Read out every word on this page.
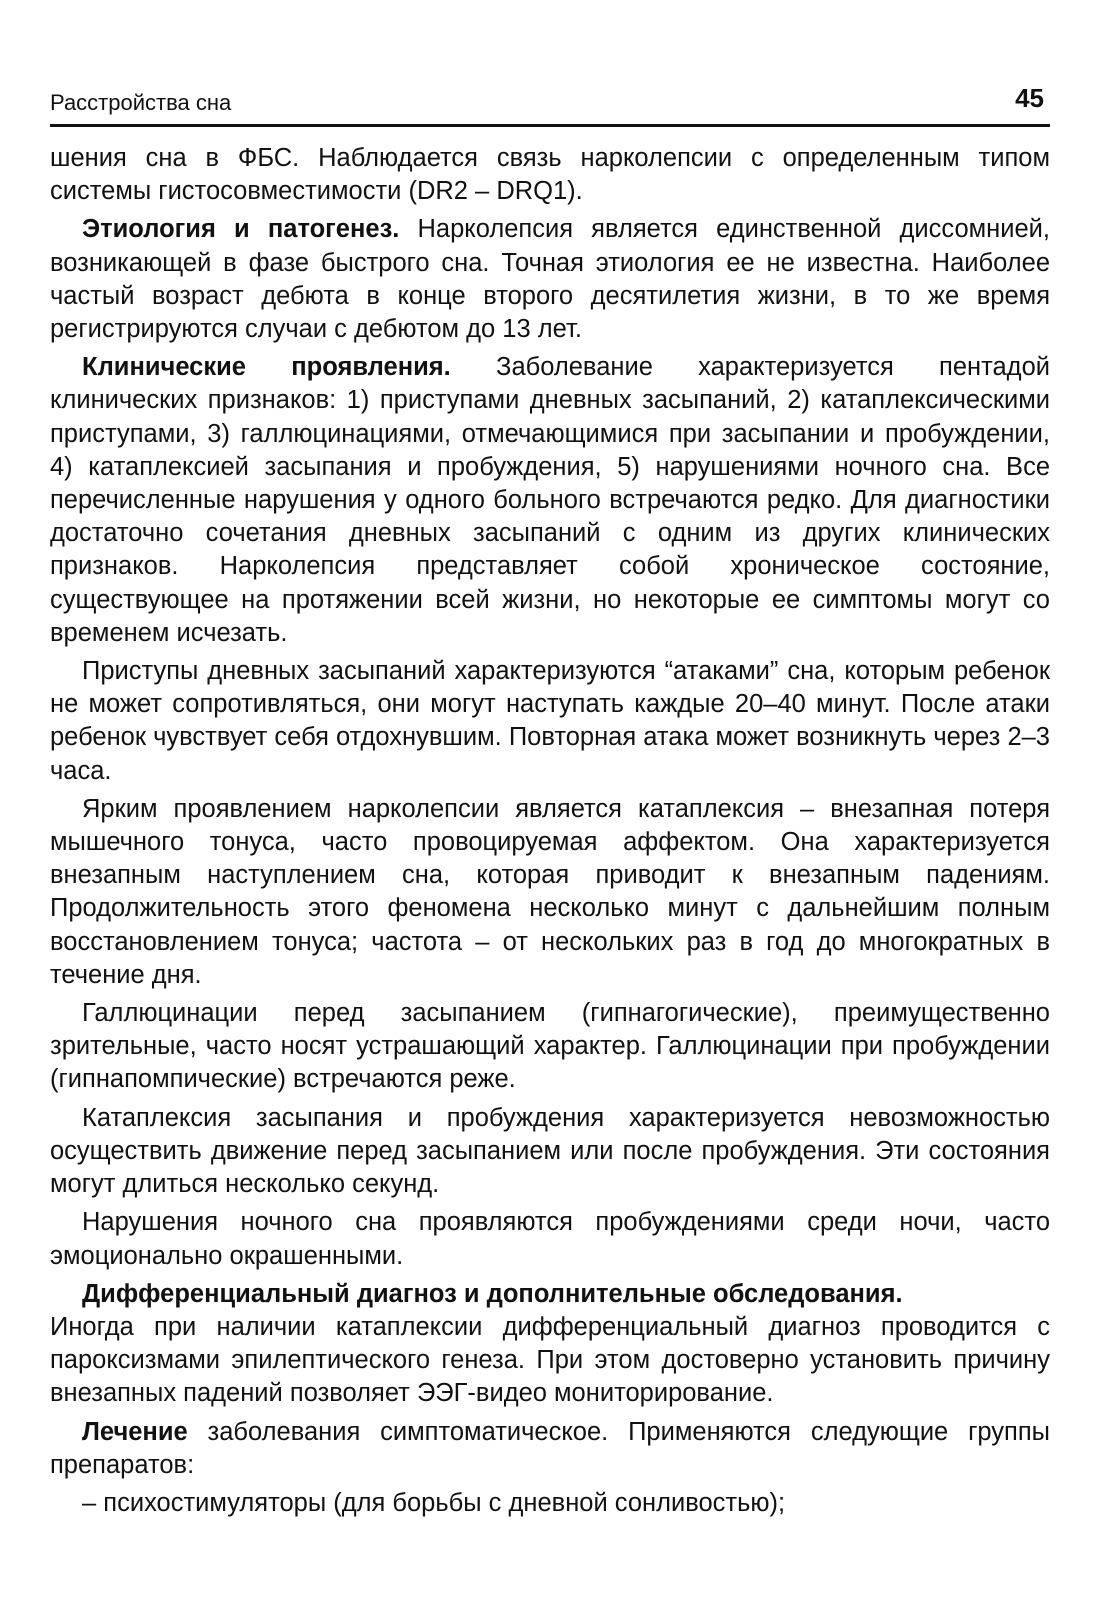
Расстройства сна	45

шения сна в ФБС. Наблюдается связь нарколепсии с определенным типом системы гистосовместимости (DR2 – DRQ1).

Этиология и патогенез. Нарколепсия является единственной диссомнией, возникающей в фазе быстрого сна. Точная этиология ее не известна. Наиболее частый возраст дебюта в конце второго десятилетия жизни, в то же время регистрируются случаи с дебютом до 13 лет.

Клинические проявления. Заболевание характеризуется пентадой клинических признаков: 1) приступами дневных засыпаний, 2) катаплексическими приступами, 3) галлюцинациями, отмечающимися при засыпании и пробуждении, 4) катаплексией засыпания и пробуждения, 5) нарушениями ночного сна. Все перечисленные нарушения у одного больного встречаются редко. Для диагностики достаточно сочетания дневных засыпаний с одним из других клинических признаков. Нарколепсия представляет собой хроническое состояние, существующее на протяжении всей жизни, но некоторые ее симптомы могут со временем исчезать.

Приступы дневных засыпаний характеризуются “атаками” сна, которым ребенок не может сопротивляться, они могут наступать каждые 20–40 минут. После атаки ребенок чувствует себя отдохнувшим. Повторная атака может возникнуть через 2–3 часа.

Ярким проявлением нарколепсии является катаплексия – внезапная потеря мышечного тонуса, часто провоцируемая аффектом. Она характеризуется внезапным наступлением сна, которая приводит к внезапным падениям. Продолжительность этого феномена несколько минут с дальнейшим полным восстановлением тонуса; частота – от нескольких раз в год до многократных в течение дня.

Галлюцинации перед засыпанием (гипнагогические), преимущественно зрительные, часто носят устрашающий характер. Галлюцинации при пробуждении (гипнапомпические) встречаются реже.

Катаплексия засыпания и пробуждения характеризуется невозможностью осуществить движение перед засыпанием или после пробуждения. Эти состояния могут длиться несколько секунд.

Нарушения ночного сна проявляются пробуждениями среди ночи, часто эмоционально окрашенными.

Дифференциальный диагноз и дополнительные обследования.
Иногда при наличии катаплексии дифференциальный диагноз проводится с пароксизмами эпилептического генеза. При этом достоверно установить причину внезапных падений позволяет ЭЭГ-видео мониторирование.

Лечение заболевания симптоматическое. Применяются следующие группы препаратов:

– психостимуляторы (для борьбы с дневной сонливостью);
